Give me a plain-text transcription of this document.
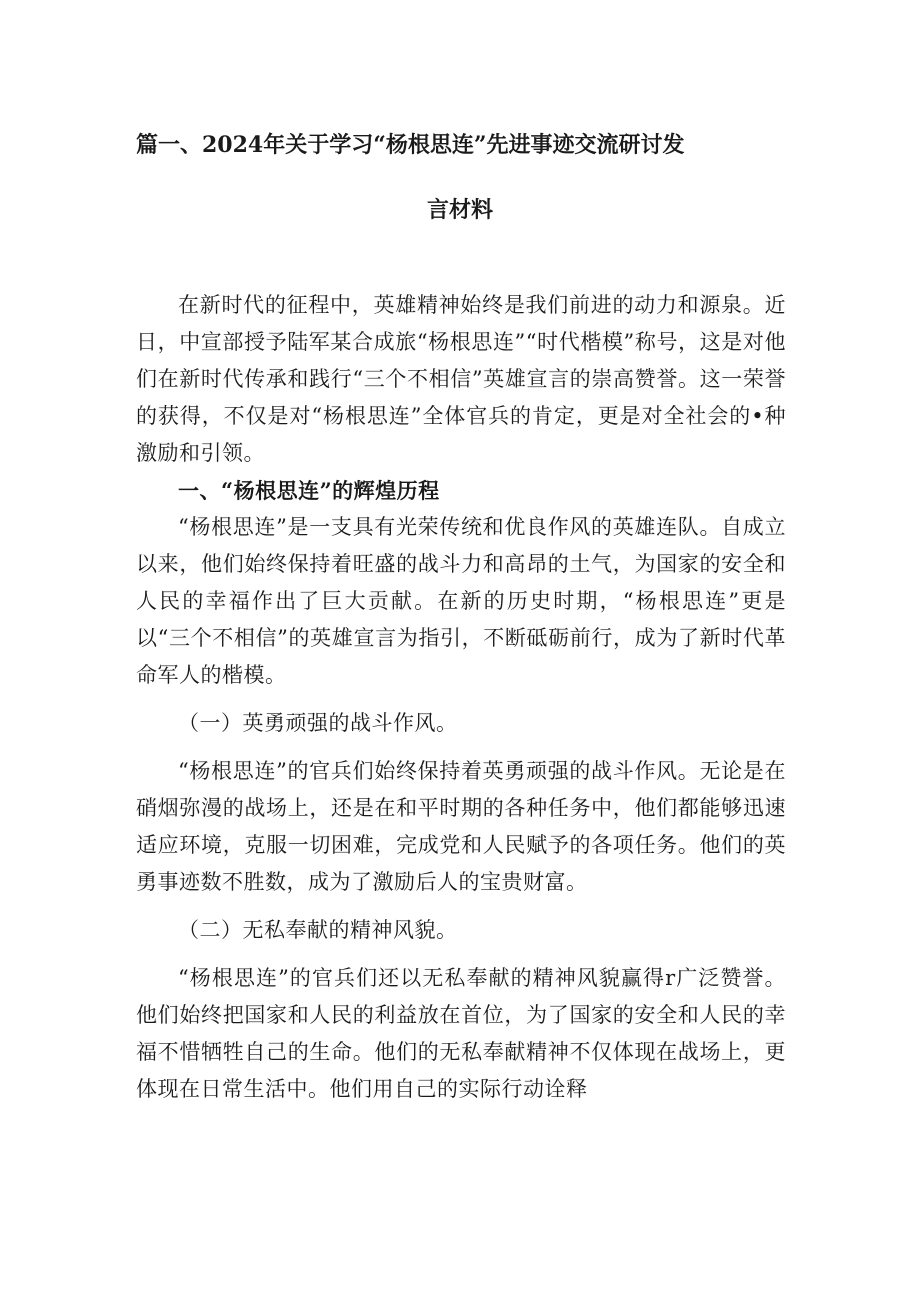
篇一、2024年关于学习“杨根思连”先进事迹交流研讨发
言材料

在新时代的征程中，英雄精神始终是我们前进的动力和源泉。近日，中宣部授予陆军某合成旅“杨根思连”“时代楷模”称号，这是对他们在新时代传承和践行“三个不相信”英雄宣言的崇高赞誉。这一荣誉的获得，不仅是对“杨根思连”全体官兵的肯定，更是对全社会的•种激励和引领。

一、“杨根思连”的辉煌历程

“杨根思连”是一支具有光荣传统和优良作风的英雄连队。自成立以来，他们始终保持着旺盛的战斗力和高昂的土气，为国家的安全和人民的幸福作出了巨大贡献。在新的历史时期，“杨根思连”更是以“三个不相信”的英雄宣言为指引，不断砥砺前行，成为了新时代革命军人的楷模。

（一）英勇顽强的战斗作风。

“杨根思连”的官兵们始终保持着英勇顽强的战斗作风。无论是在硝烟弥漫的战场上，还是在和平时期的各种任务中，他们都能够迅速适应环境，克服一切困难，完成党和人民赋予的各项任务。他们的英勇事迹数不胜数，成为了激励后人的宝贵财富。

（二）无私奉献的精神风貌。

“杨根思连”的官兵们还以无私奉献的精神风貌赢得r广泛赞誉。他们始终把国家和人民的利益放在首位，为了国家的安全和人民的幸福不惜牺牲自己的生命。他们的无私奉献精神不仅体现在战场上，更体现在日常生活中。他们用自己的实际行动诠释
